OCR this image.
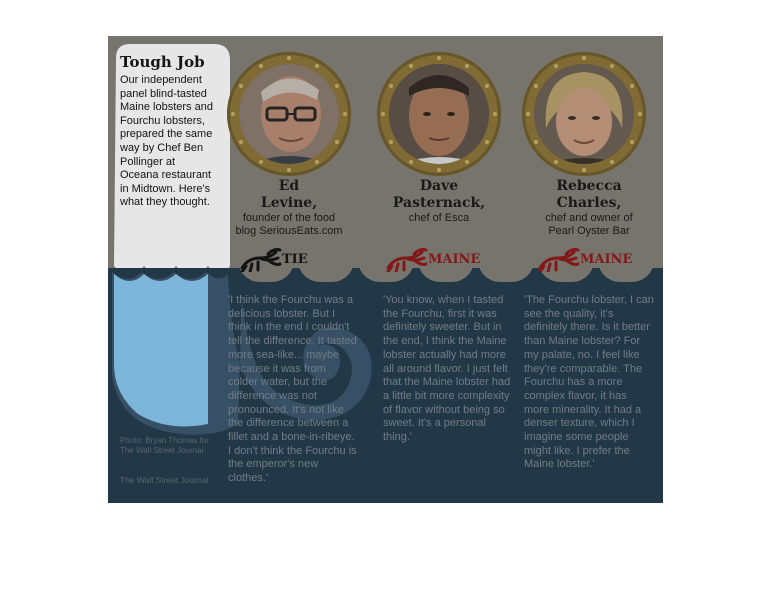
Tough Job
Our independent panel blind-tasted Maine lobsters and Fourchu lobsters, prepared the same way by Chef Ben Pollinger at Oceana restaurant in Midtown. Here's what they thought.
Ed
Levine,
founder of the food
blog SeriousEats.com
TIE
Dave
Pasternack,
chef of Esca
MAINE
Rebecca
Charles,
chef and owner of
Pearl Oyster Bar
MAINE
'I think the Fourchu was a delicious lobster. But I think in the end I couldn't tell the difference. It tasted more sea-like... maybe because it was from colder water, but the difference was not pronounced. It's not like the difference between a fillet and a bone-in-ribeye. I don't think the Fourchu is the emperor's new clothes.'
'You know, when I tasted the Fourchu, first it was definitely sweeter. But in the end, I think the Maine lobster actually had more all around flavor. I just felt that the Maine lobster had a little bit more complexity of flavor without being so sweet. It's a personal thing.'
'The Fourchu lobster, I can see the quality, it's definitely there. Is it better than Maine lobster? For my palate, no. I feel like they're comparable. The Fourchu has a more complex flavor, it has more minerality. It had a denser texture, which I imagine some people might like. I prefer the Maine lobster.'
Photo: Bryan Thomas for The Wall Street Journal
The Wall Street Journal
